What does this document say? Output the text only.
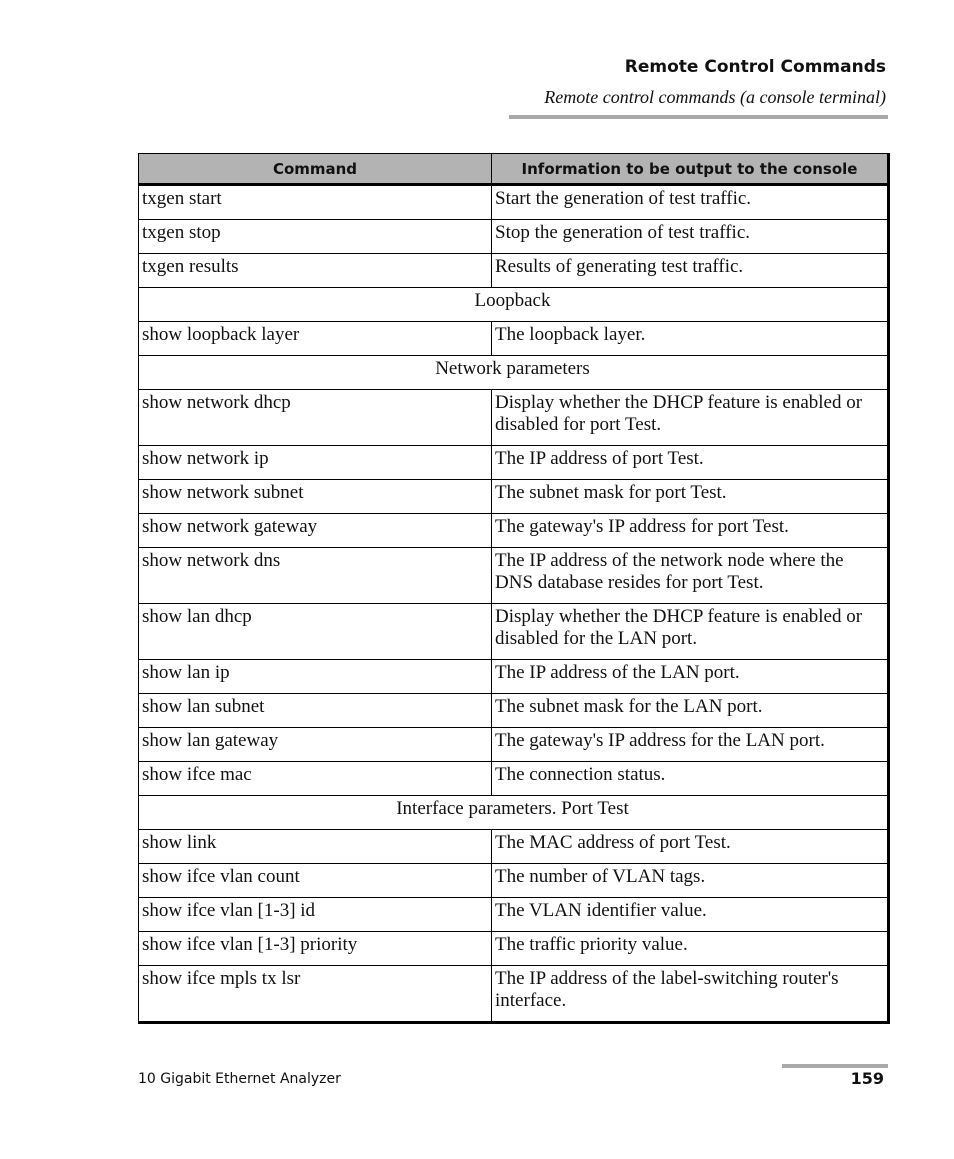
Remote Control Commands
Remote control commands (a console terminal)
Command	Information to be output to the console
txgen start	Start the generation of test traffic.
txgen stop	Stop the generation of test traffic.
txgen results	Results of generating test traffic.
Loopback	
show loopback layer	The loopback layer.
Network parameters	
show network dhcp	Display whether the DHCP feature is enabled or disabled for port Test.
show network ip	The IP address of port Test.
show network subnet	The subnet mask for port Test.
show network gateway	The gateway's IP address for port Test.
show network dns	The IP address of the network node where the DNS database resides for port Test.
show lan dhcp	Display whether the DHCP feature is enabled or disabled for the LAN port.
show lan ip	The IP address of the LAN port.
show lan subnet	The subnet mask for the LAN port.
show lan gateway	The gateway's IP address for the LAN port.
show ifce mac	The connection status.
Interface parameters. Port Test	
show link	The MAC address of port Test.
show ifce vlan count	The number of VLAN tags.
show ifce vlan [1-3] id	The VLAN identifier value.
show ifce vlan [1-3] priority	The traffic priority value.
show ifce mpls tx lsr	The IP address of the label-switching router's interface.
10 Gigabit Ethernet Analyzer	159
